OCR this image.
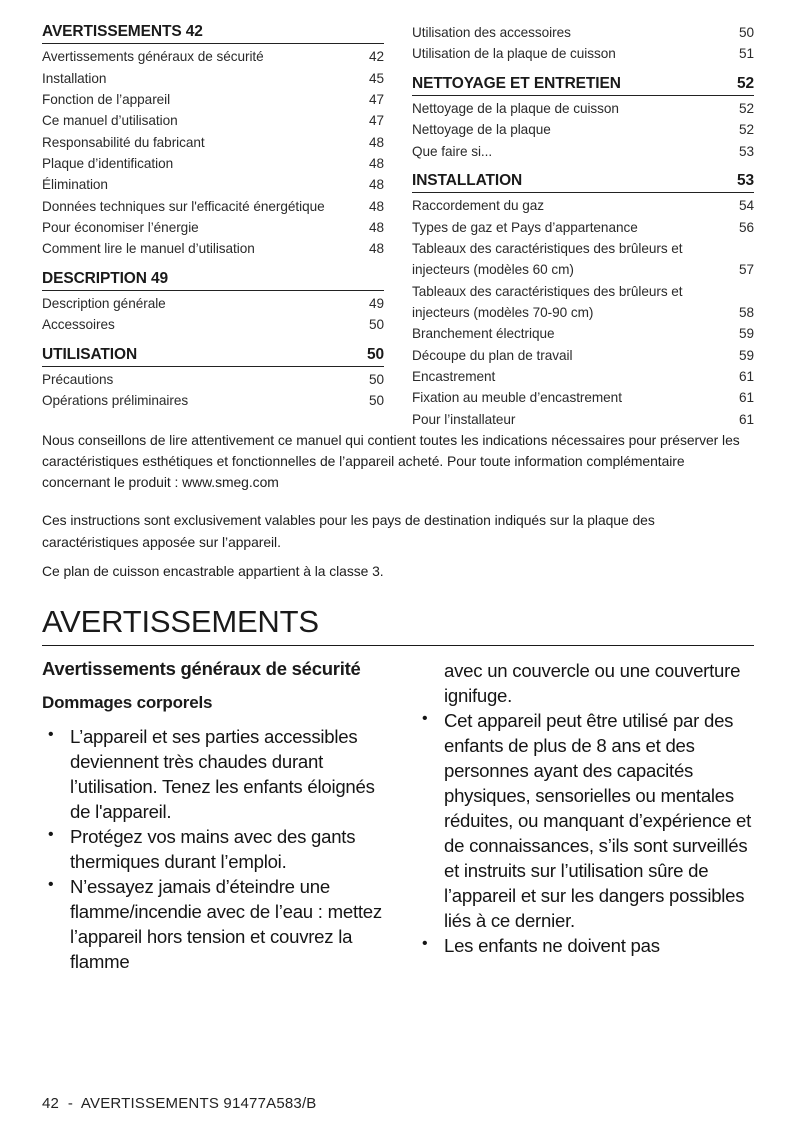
AVERTISSEMENTS 42
Avertissements généraux de sécurité	42
Installation	45
Fonction de l’appareil	47
Ce manuel d’utilisation	47
Responsabilité du fabricant	48
Plaque d’identification	48
Élimination	48
Données techniques sur l'efficacité énergétique	48
Pour économiser l’énergie	48
Comment lire le manuel d’utilisation	48
DESCRIPTION 49
Description générale	49
Accessoires	50
UTILISATION	50
Précautions	50
Opérations préliminaires	50
Utilisation des accessoires	50
Utilisation de la plaque de cuisson	51
NETTOYAGE ET ENTRETIEN	52
Nettoyage de la plaque de cuisson	52
Nettoyage de la plaque	52
Que faire si...	53
INSTALLATION	53
Raccordement du gaz	54
Types de gaz et Pays d’appartenance	56
Tableaux des caractéristiques des brûleurs et injecteurs (modèles 60 cm)	57
Tableaux des caractéristiques des brûleurs et injecteurs (modèles 70-90 cm)	58
Branchement électrique	59
Découpe du plan de travail	59
Encastrement	61
Fixation au meuble d’encastrement	61
Pour l’installateur	61

Nous conseillons de lire attentivement ce manuel qui contient toutes les indications nécessaires pour préserver les caractéristiques esthétiques et fonctionnelles de l’appareil acheté. Pour toute information complémentaire concernant le produit : www.smeg.com

Ces instructions sont exclusivement valables pour les pays de destination indiqués sur la plaque des caractéristiques apposée sur l’appareil.

Ce plan de cuisson encastrable appartient à la classe 3.

AVERTISSEMENTS
Avertissements généraux de sécurité
Dommages corporels
• L’appareil et ses parties accessibles deviennent très chaudes durant l’utilisation. Tenez les enfants éloignés de l'appareil.
• Protégez vos mains avec des gants thermiques durant l’emploi.
• N’essayez jamais d’éteindre une flamme/incendie avec de l’eau : mettez l’appareil hors tension et couvrez la flamme
avec un couvercle ou une couverture ignifuge.
• Cet appareil peut être utilisé par des enfants de plus de 8 ans et des personnes ayant des capacités physiques, sensorielles ou mentales réduites, ou manquant d’expérience et de connaissances, s’ils sont surveillés et instruits sur l’utilisation sûre de l’appareil et sur les dangers possibles liés à ce dernier.
• Les enfants ne doivent pas
42  -  AVERTISSEMENTS 91477A583/B
